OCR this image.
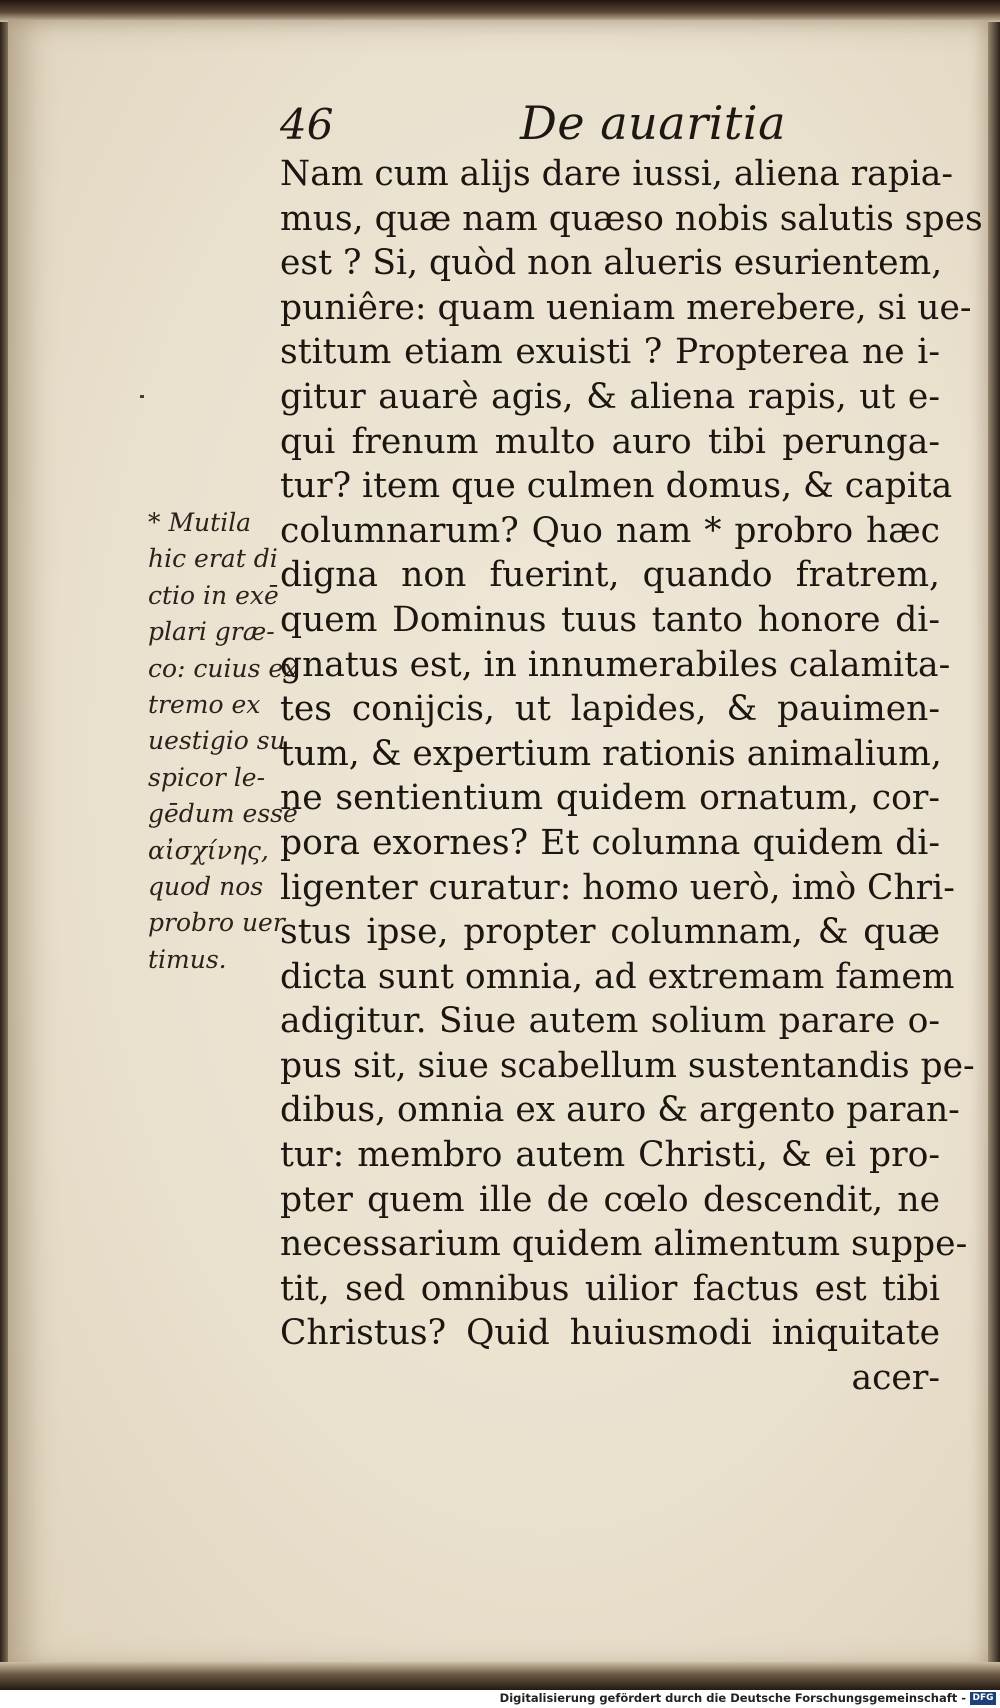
46	De auaritia
* Mutila
hic erat di
ctio in exē
plari græ-
co: cuius ex
tremo ex
uestigio su
spicor le-
gēdum esse
αἰσχίνης,
quod nos
probro uer
timus.
Nam cum alijs dare iussi, aliena rapia-
mus, quæ nam quæso nobis salutis spes
est ? Si, quòd non alueris esurientem,
puniêre: quam ueniam merebere, si ue-
stitum etiam exuisti ? Propterea ne i-
gitur auarè agis, & aliena rapis, ut e-
qui frenum multo auro tibi perunga-
tur? item que culmen domus, & capita
columnarum? Quo nam * probro hæc
digna non fuerint, quando fratrem,
quem Dominus tuus tanto honore di-
gnatus est, in innumerabiles calamita-
tes conijcis, ut lapides, & pauimen-
tum, & expertium rationis animalium,
ne sentientium quidem ornatum, cor-
pora exornes? Et columna quidem di-
ligenter curatur: homo uerò, imò Chri-
stus ipse, propter columnam, & quæ
dicta sunt omnia, ad extremam famem
adigitur. Siue autem solium parare o-
pus sit, siue scabellum sustentandis pe-
dibus, omnia ex auro & argento paran-
tur: membro autem Christi, & ei pro-
pter quem ille de cœlo descendit, ne
necessarium quidem alimentum suppe-
tit, sed omnibus uilior factus est tibi
Christus? Quid huiusmodi iniquitate
acer-
Digitalisierung gefördert durch die Deutsche Forschungsgemeinschaft - DFG
